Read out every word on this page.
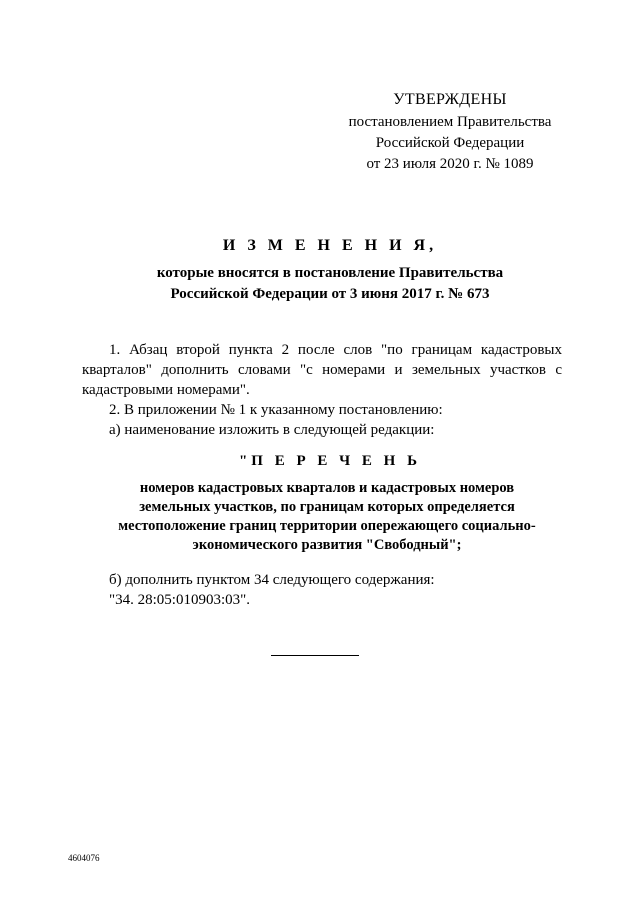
УТВЕРЖДЕНЫ
постановлением Правительства
Российской Федерации
от 23 июля 2020 г. № 1089
И З М Е Н Е Н И Я,
которые вносятся в постановление Правительства
Российской Федерации от 3 июня 2017 г. № 673

1. Абзац второй пункта 2 после слов "по границам кадастровых кварталов" дополнить словами "с номерами и земельных участков с кадастровыми номерами".

2. В приложении № 1 к указанному постановлению:

а) наименование изложить в следующей редакции:

"П Е Р Е Ч Е Н Ь
номеров кадастровых кварталов и кадастровых номеров
земельных участков, по границам которых определяется
местоположение границ территории опережающего социально-
экономического развития "Свободный";

б) дополнить пунктом 34 следующего содержания:

"34. 28:05:010903:03".

4604076
